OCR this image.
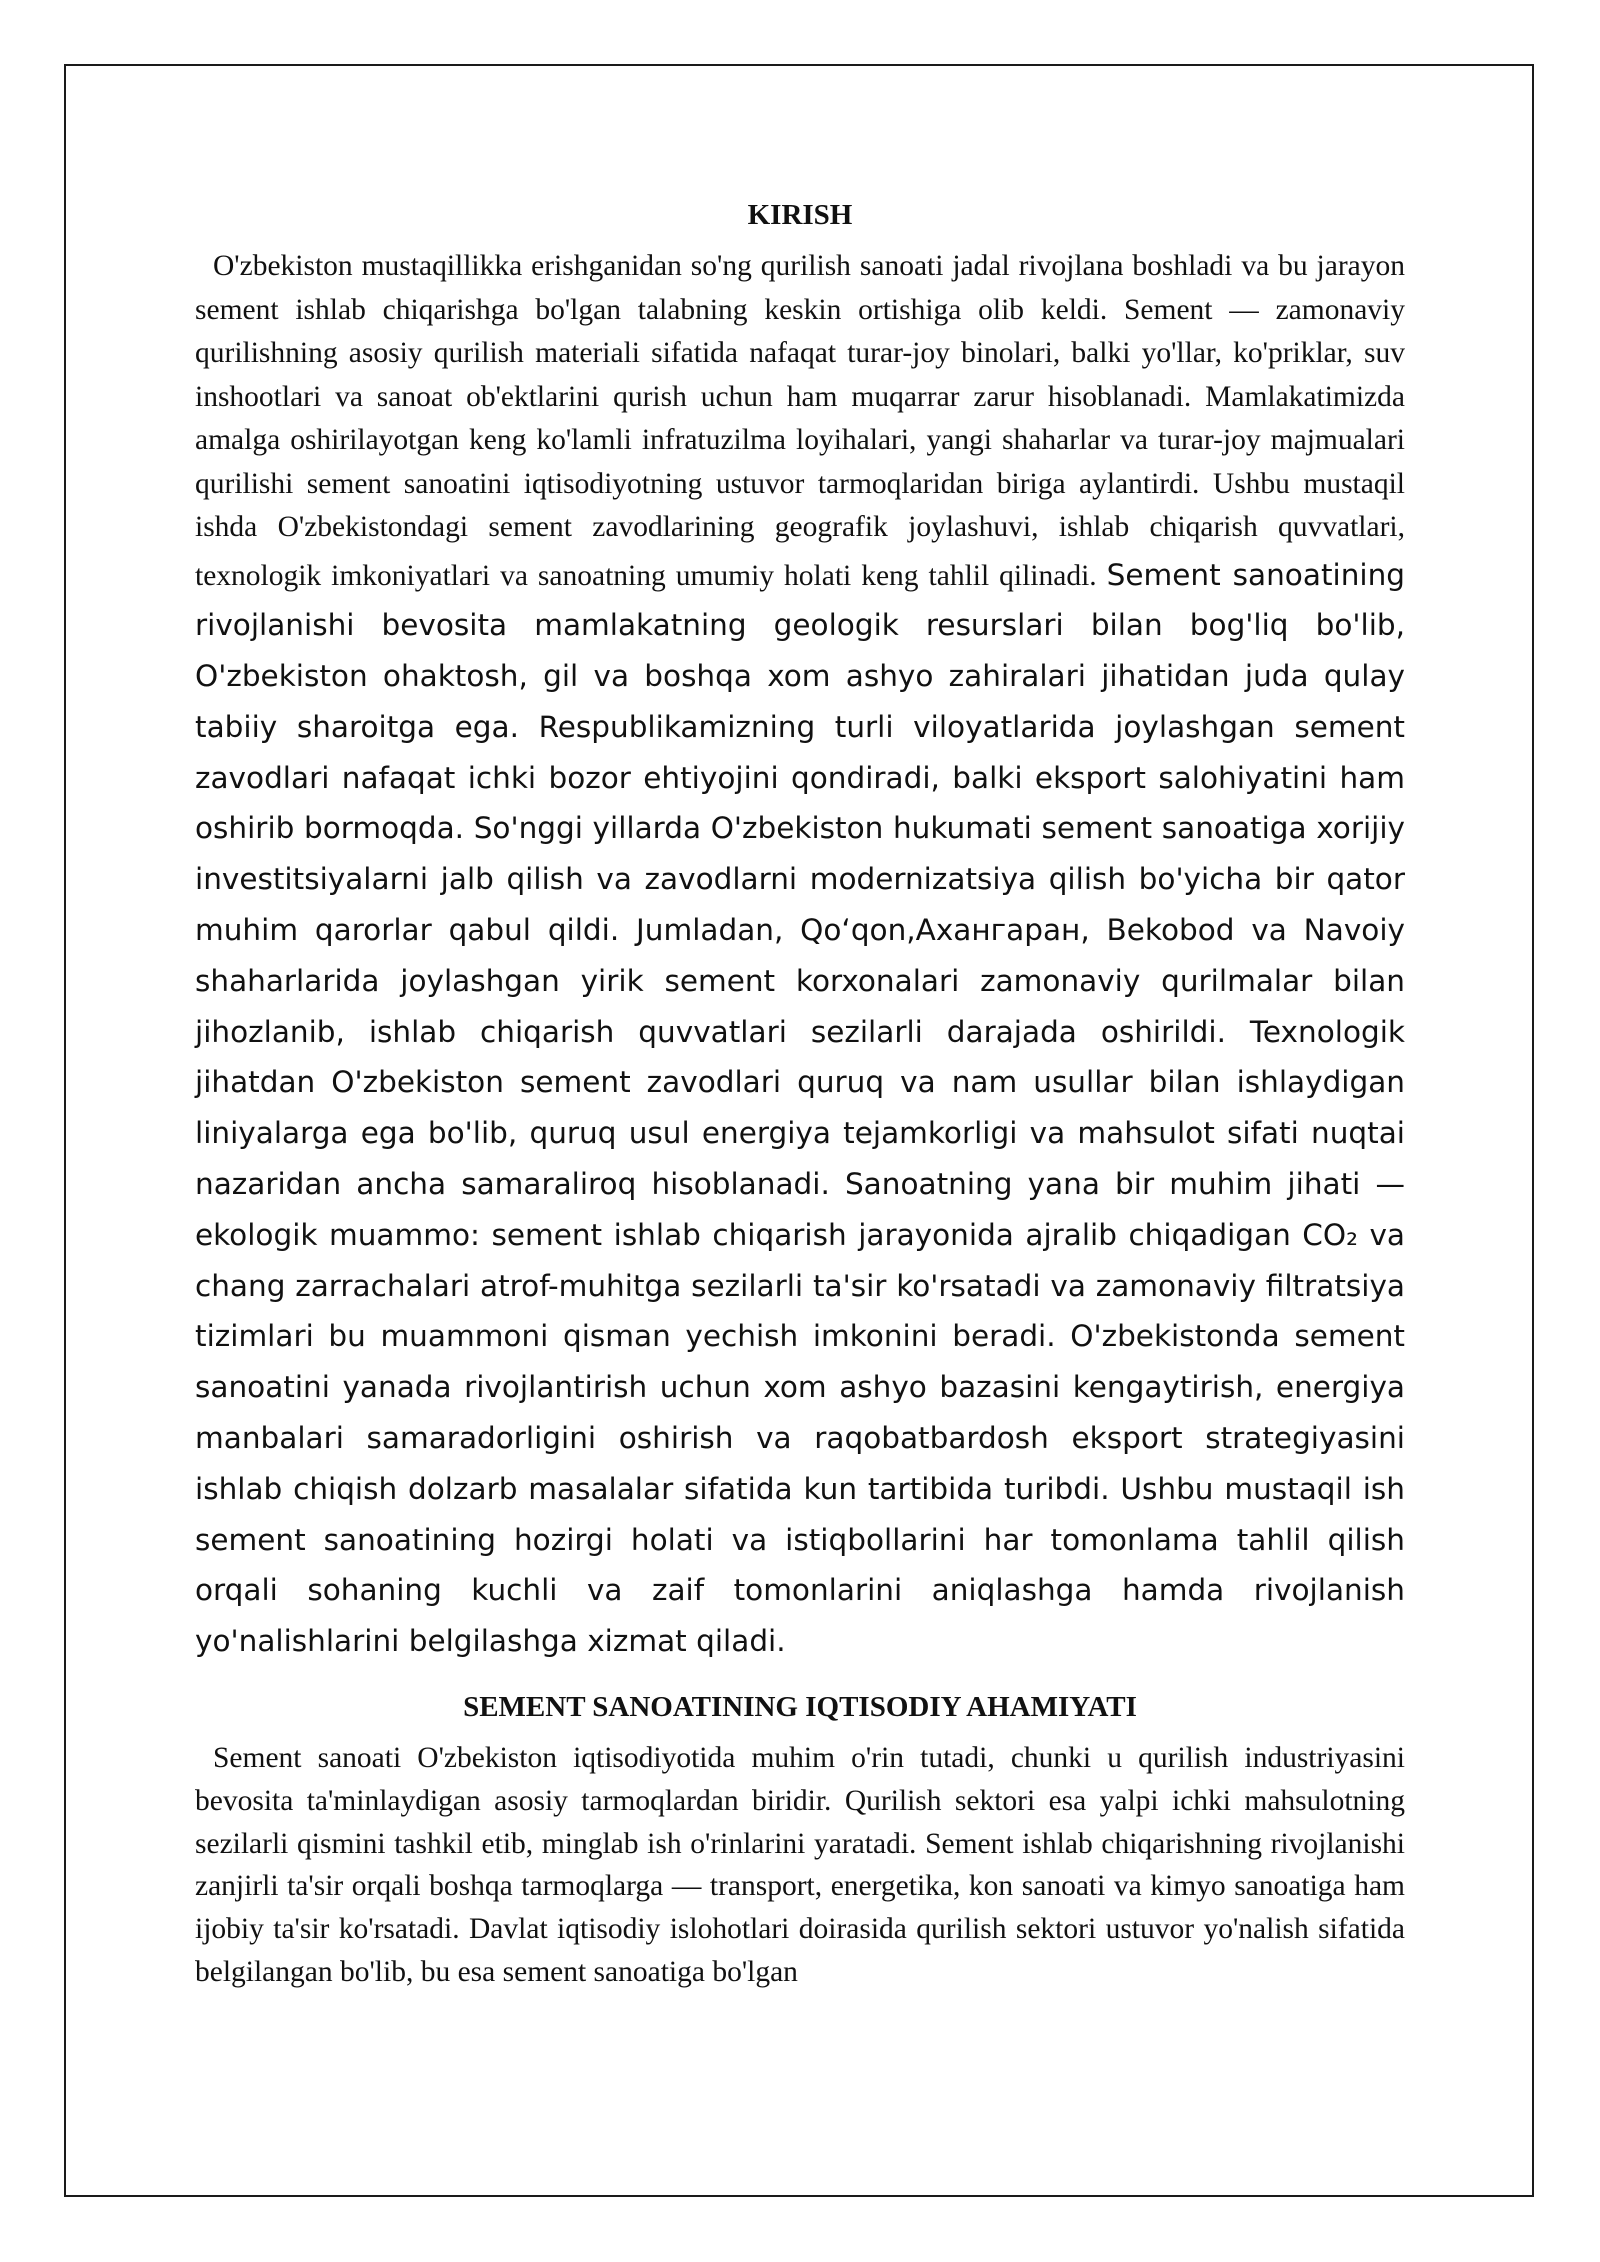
KIRISH

O'zbekiston mustaqillikka erishganidan so'ng qurilish sanoati jadal rivojlana boshladi va bu jarayon sement ishlab chiqarishga bo'lgan talabning keskin ortishiga olib keldi. Sement — zamonaviy qurilishning asosiy qurilish materiali sifatida nafaqat turar-joy binolari, balki yo'llar, ko'priklar, suv inshootlari va sanoat ob'ektlarini qurish uchun ham muqarrar zarur hisoblanadi. Mamlakatimizda amalga oshirilayotgan keng ko'lamli infratuzilma loyihalari, yangi shaharlar va turar-joy majmualari qurilishi sement sanoatini iqtisodiyotning ustuvor tarmoqlaridan biriga aylantirdi. Ushbu mustaqil ishda O'zbekistondagi sement zavodlarining geografik joylashuvi, ishlab chiqarish quvvatlari, texnologik imkoniyatlari va sanoatning umumiy holati keng tahlil qilinadi. Sement sanoatining rivojlanishi bevosita mamlakatning geologik resurslari bilan bog'liq bo'lib, O'zbekiston ohaktosh, gil va boshqa xom ashyo zahiralari jihatidan juda qulay tabiiy sharoitga ega. Respublikamizning turli viloyatlarida joylashgan sement zavodlari nafaqat ichki bozor ehtiyojini qondiradi, balki eksport salohiyatini ham oshirib bormoqda. So'nggi yillarda O'zbekiston hukumati sement sanoatiga xorijiy investitsiyalarni jalb qilish va zavodlarni modernizatsiya qilish bo'yicha bir qator muhim qarorlar qabul qildi. Jumladan, Qoʻqon,Ахангаран, Bekobod va Navoiy shaharlarida joylashgan yirik sement korxonalari zamonaviy qurilmalar bilan jihozlanib, ishlab chiqarish quvvatlari sezilarli darajada oshirildi. Texnologik jihatdan O'zbekiston sement zavodlari quruq va nam usullar bilan ishlaydigan liniyalarga ega bo'lib, quruq usul energiya tejamkorligi va mahsulot sifati nuqtai nazaridan ancha samaraliroq hisoblanadi. Sanoatning yana bir muhim jihati — ekologik muammo: sement ishlab chiqarish jarayonida ajralib chiqadigan CO₂ va chang zarrachalari atrof-muhitga sezilarli ta'sir ko'rsatadi va zamonaviy filtratsiya tizimlari bu muammoni qisman yechish imkonini beradi. O'zbekistonda sement sanoatini yanada rivojlantirish uchun xom ashyo bazasini kengaytirish, energiya manbalari samaradorligini oshirish va raqobatbardosh eksport strategiyasini ishlab chiqish dolzarb masalalar sifatida kun tartibida turibdi. Ushbu mustaqil ish sement sanoatining hozirgi holati va istiqbollarini har tomonlama tahlil qilish orqali sohaning kuchli va zaif tomonlarini aniqlashga hamda rivojlanish yo'nalishlarini belgilashga xizmat qiladi.

SEMENT SANOATINING IQTISODIY AHAMIYATI

Sement sanoati O'zbekiston iqtisodiyotida muhim o'rin tutadi, chunki u qurilish industriyasini bevosita ta'minlaydigan asosiy tarmoqlardan biridir. Qurilish sektori esa yalpi ichki mahsulotning sezilarli qismini tashkil etib, minglab ish o'rinlarini yaratadi. Sement ishlab chiqarishning rivojlanishi zanjirli ta'sir orqali boshqa tarmoqlarga — transport, energetika, kon sanoati va kimyo sanoatiga ham ijobiy ta'sir ko'rsatadi. Davlat iqtisodiy islohotlari doirasida qurilish sektori ustuvor yo'nalish sifatida belgilangan bo'lib, bu esa sement sanoatiga bo'lgan
